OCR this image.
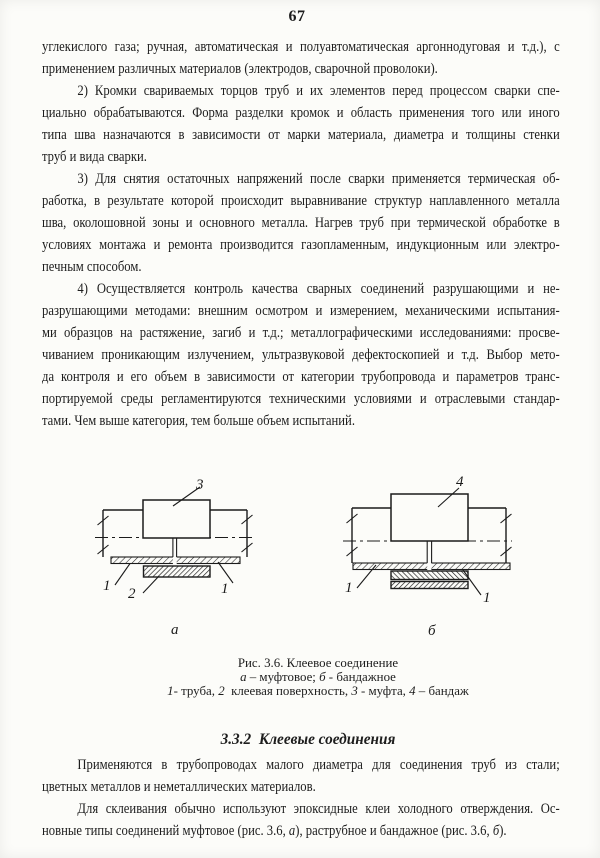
67
углекислого газа; ручная, автоматическая и полуавтоматическая аргоннодуговая и т.д.), с
применением различных материалов (электродов, сварочной проволоки).
2) Кромки свариваемых торцов труб и их элементов перед процессом сварки спе-
циально обрабатываются. Форма разделки кромок и область применения того или иного
типа шва назначаются в зависимости от марки материала, диаметра и толщины стенки
труб и вида сварки.
3) Для снятия остаточных напряжений после сварки применяется термическая об-
работка, в результате которой происходит выравнивание структур наплавленного металла
шва, околошовной зоны и основного металла. Нагрев труб при термической обработке в
условиях монтажа и ремонта производится газопламенным, индукционным или электро-
печным способом.
4) Осуществляется контроль качества сварных соединений разрушающими и не-
разрушающими методами: внешним осмотром и измерением, механическими испытания-
ми образцов на растяжение, загиб и т.д.; металлографическими исследованиями: просве-
чиванием проникающим излучением, ультразвуковой дефектоскопией и т.д. Выбор мето-
да контроля и его объем в зависимости от категории трубопровода и параметров транс-
портируемой среды регламентируются техническими условиями и отраслевыми стандар-
тами. Чем выше категория, тем больше объем испытаний.
3
1 2	1
а
4
1
1
б
Рис. 3.6. Клеевое соединение
а – муфтовое; б - бандажное
1- труба, 2  клеевая поверхность, 3 - муфта, 4 – бандаж
3.3.2  Клеевые соединения
Применяются в трубопроводах малого диаметра для соединения труб из стали;
цветных металлов и неметаллических материалов.
Для склеивания обычно используют эпоксидные клеи холодного отверждения. Ос-
новные типы соединений муфтовое (рис. 3.6, а), раструбное и бандажное (рис. 3.6, б).
